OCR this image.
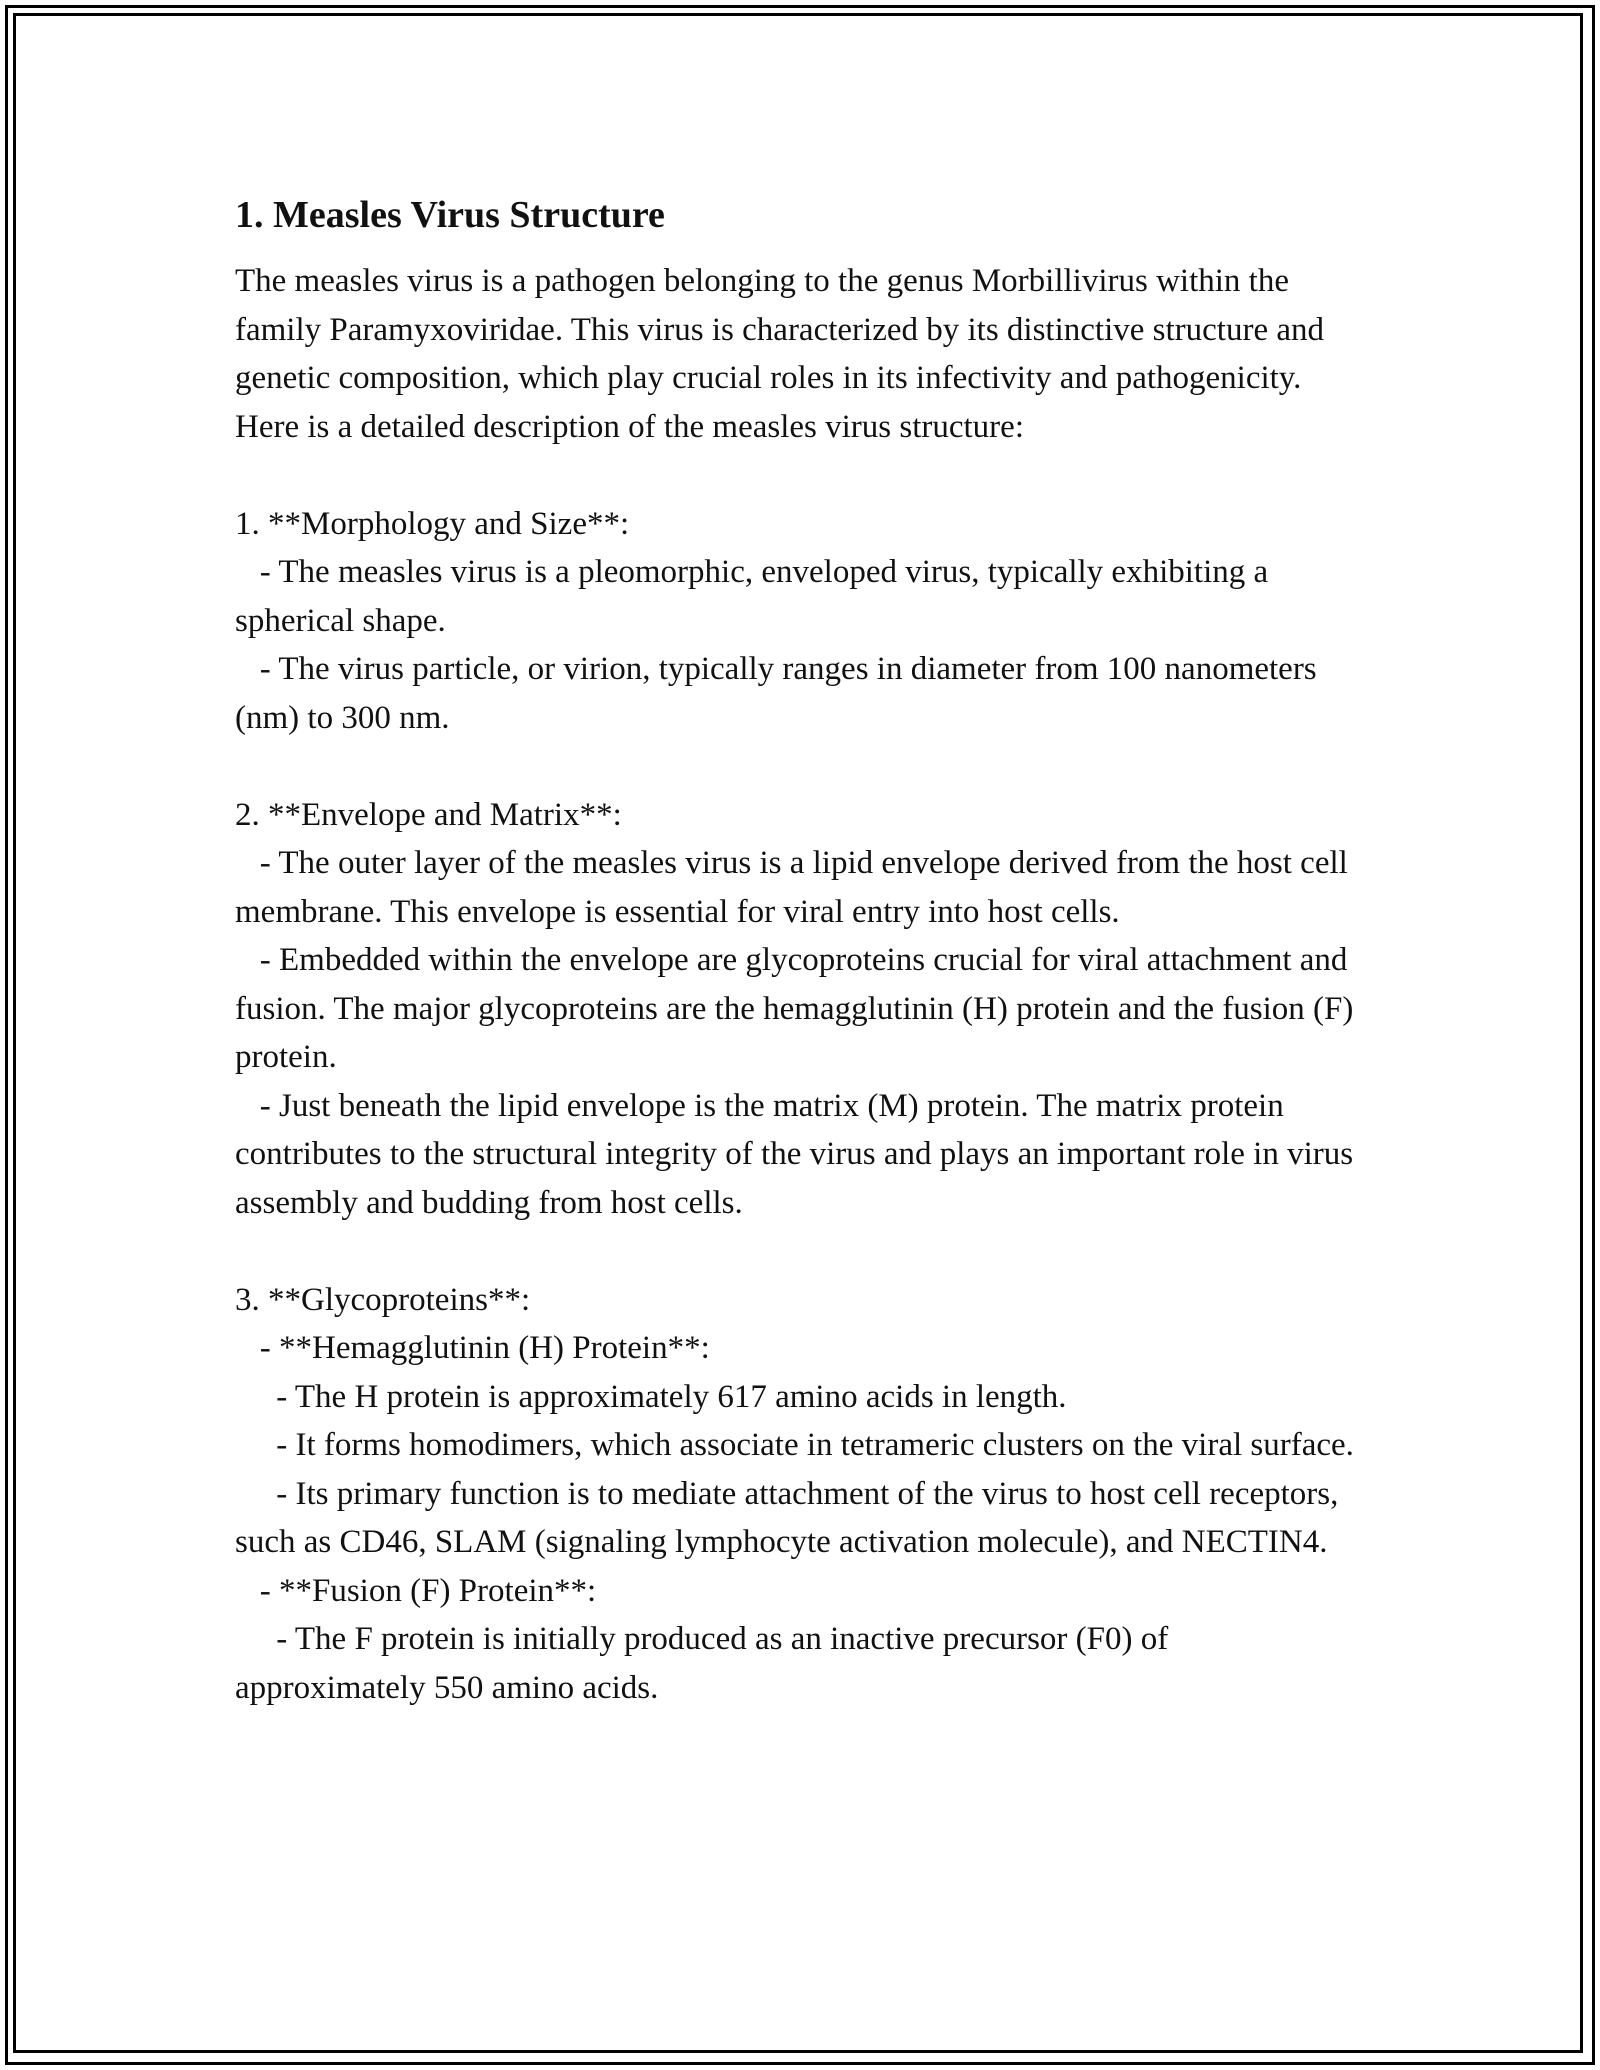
1. Measles Virus Structure

The measles virus is a pathogen belonging to the genus Morbillivirus within the family Paramyxoviridae. This virus is characterized by its distinctive structure and genetic composition, which play crucial roles in its infectivity and pathogenicity. Here is a detailed description of the measles virus structure:

1. **Morphology and Size**:

- The measles virus is a pleomorphic, enveloped virus, typically exhibiting a spherical shape.

- The virus particle, or virion, typically ranges in diameter from 100 nanometers (nm) to 300 nm.

2. **Envelope and Matrix**:

- The outer layer of the measles virus is a lipid envelope derived from the host cell membrane. This envelope is essential for viral entry into host cells.

- Embedded within the envelope are glycoproteins crucial for viral attachment and fusion. The major glycoproteins are the hemagglutinin (H) protein and the fusion (F) protein.

- Just beneath the lipid envelope is the matrix (M) protein. The matrix protein contributes to the structural integrity of the virus and plays an important role in virus assembly and budding from host cells.

3. **Glycoproteins**:

- **Hemagglutinin (H) Protein**:

- The H protein is approximately 617 amino acids in length.

- It forms homodimers, which associate in tetrameric clusters on the viral surface.

- Its primary function is to mediate attachment of the virus to host cell receptors, such as CD46, SLAM (signaling lymphocyte activation molecule), and NECTIN4.

- **Fusion (F) Protein**:

- The F protein is initially produced as an inactive precursor (F0) of approximately 550 amino acids.
